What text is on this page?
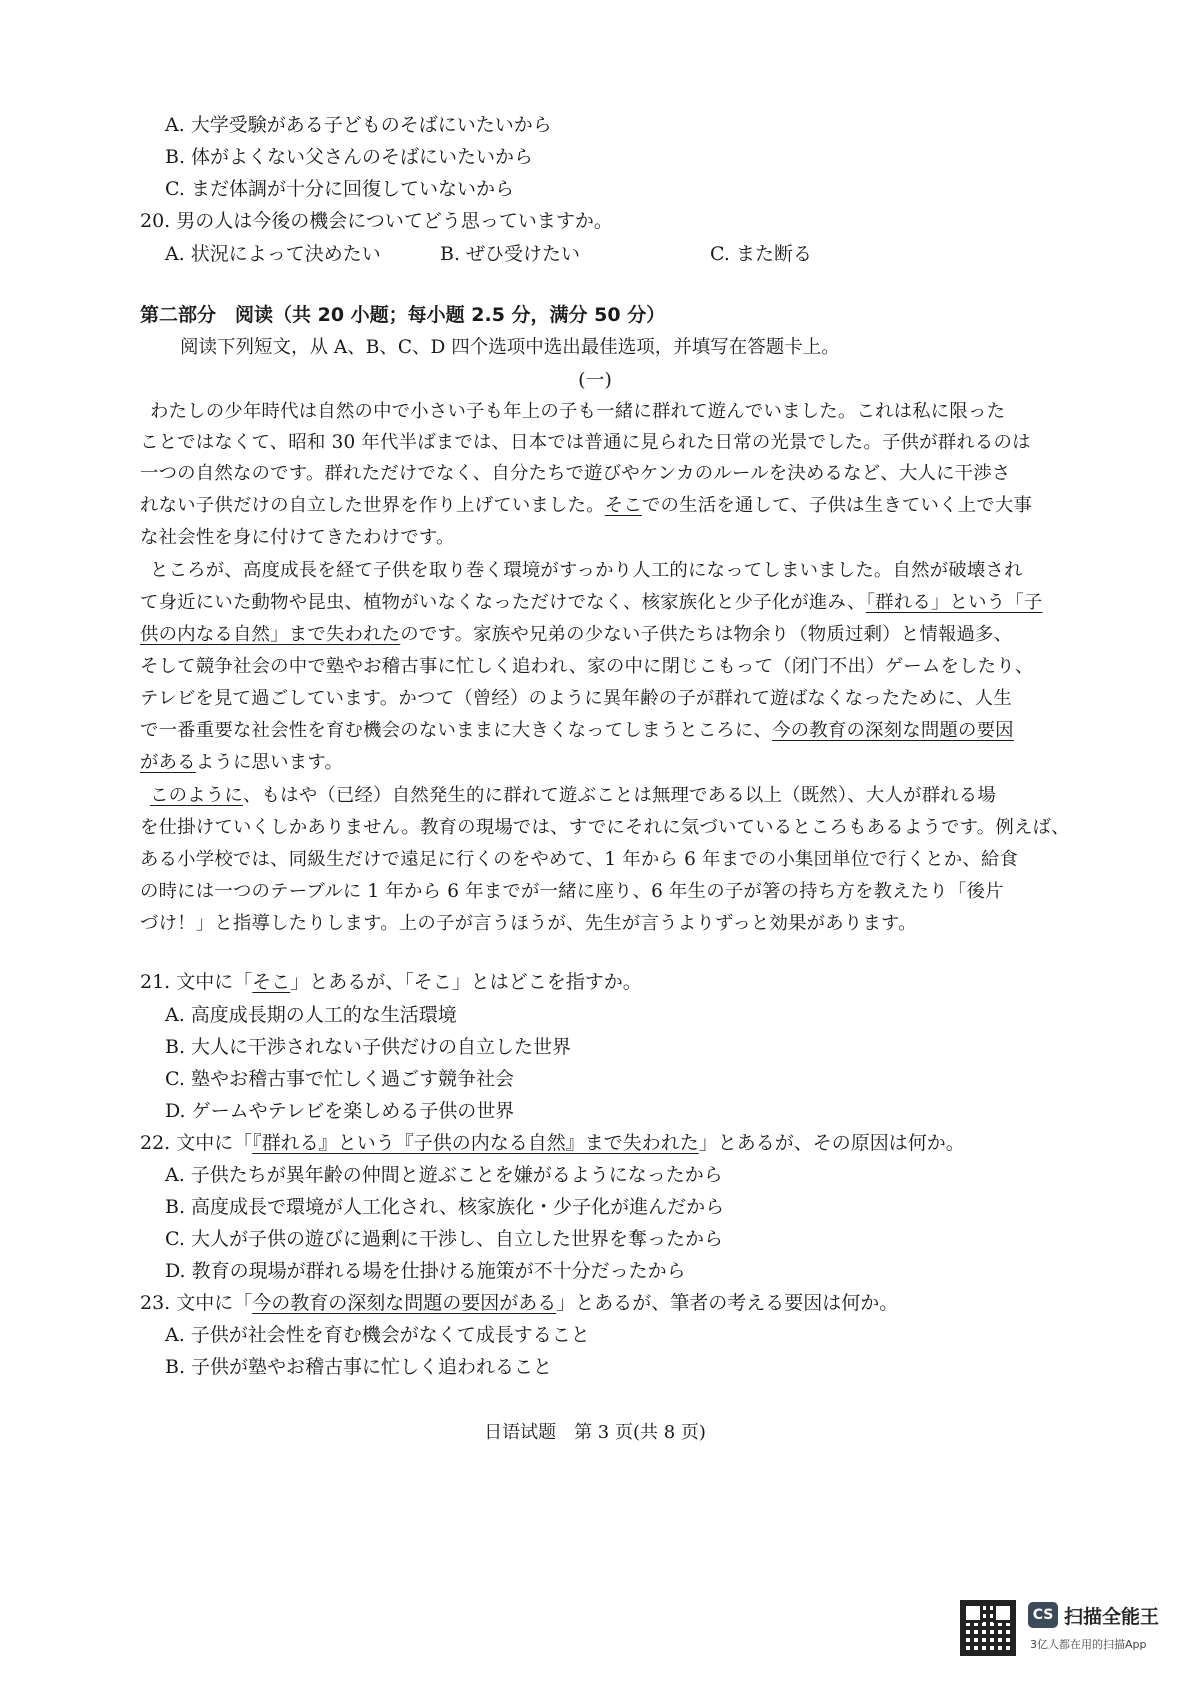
A. 大学受験がある子どものそばにいたいから
B. 体がよくない父さんのそばにいたいから
C. まだ体調が十分に回復していないから
20. 男の人は今後の機会についてどう思っていますか。
A. 状況によって決めたい	B. ぜひ受けたい	C. また断る
第二部分　阅读（共 20 小题；每小题 2.5 分，满分 50 分）
阅读下列短文，从 A、B、C、D 四个选项中选出最佳选项，并填写在答题卡上。
(一)
わたしの少年時代は自然の中で小さい子も年上の子も一緒に群れて遊んでいました。これは私に限った
ことではなくて、昭和 30 年代半ばまでは、日本では普通に見られた日常の光景でした。子供が群れるのは
一つの自然なのです。群れただけでなく、自分たちで遊びやケンカのルールを決めるなど、大人に干渉さ
れない子供だけの自立した世界を作り上げていました。そこでの生活を通して、子供は生きていく上で大事
な社会性を身に付けてきたわけです。
ところが、高度成長を経て子供を取り巻く環境がすっかり人工的になってしまいました。自然が破壊され
て身近にいた動物や昆虫、植物がいなくなっただけでなく、核家族化と少子化が進み、「群れる」という「子
供の内なる自然」まで失われたのです。家族や兄弟の少ない子供たちは物余り（物质过剩）と情報過多、
そして競争社会の中で塾やお稽古事に忙しく追われ、家の中に閉じこもって（闭门不出）ゲームをしたり、
テレビを見て過ごしています。かつて（曾经）のように異年齢の子が群れて遊ばなくなったために、人生
で一番重要な社会性を育む機会のないままに大きくなってしまうところに、今の教育の深刻な問題の要因
があるように思います。
このように、もはや（已经）自然発生的に群れて遊ぶことは無理である以上（既然）、大人が群れる場
を仕掛けていくしかありません。教育の現場では、すでにそれに気づいているところもあるようです。例えば、
ある小学校では、同級生だけで遠足に行くのをやめて、1 年から 6 年までの小集団単位で行くとか、給食
の時には一つのテーブルに 1 年から 6 年までが一緒に座り、6 年生の子が箸の持ち方を教えたり「後片
づけ！」と指導したりします。上の子が言うほうが、先生が言うよりずっと効果があります。
21. 文中に「そこ」とあるが、「そこ」とはどこを指すか。
A. 高度成長期の人工的な生活環境
B. 大人に干渉されない子供だけの自立した世界
C. 塾やお稽古事で忙しく過ごす競争社会
D. ゲームやテレビを楽しめる子供の世界
22. 文中に「『群れる』という『子供の内なる自然』まで失われた」とあるが、その原因は何か。
A. 子供たちが異年齢の仲間と遊ぶことを嫌がるようになったから
B. 高度成長で環境が人工化され、核家族化・少子化が進んだから
C. 大人が子供の遊びに過剰に干渉し、自立した世界を奪ったから
D. 教育の現場が群れる場を仕掛ける施策が不十分だったから
23. 文中に「今の教育の深刻な問題の要因がある」とあるが、筆者の考える要因は何か。
A. 子供が社会性を育む機会がなくて成長すること
B. 子供が塾やお稽古事に忙しく追われること
日语试题　第 3 页(共 8 页)
CS 扫描全能王
3亿人都在用的扫描App
